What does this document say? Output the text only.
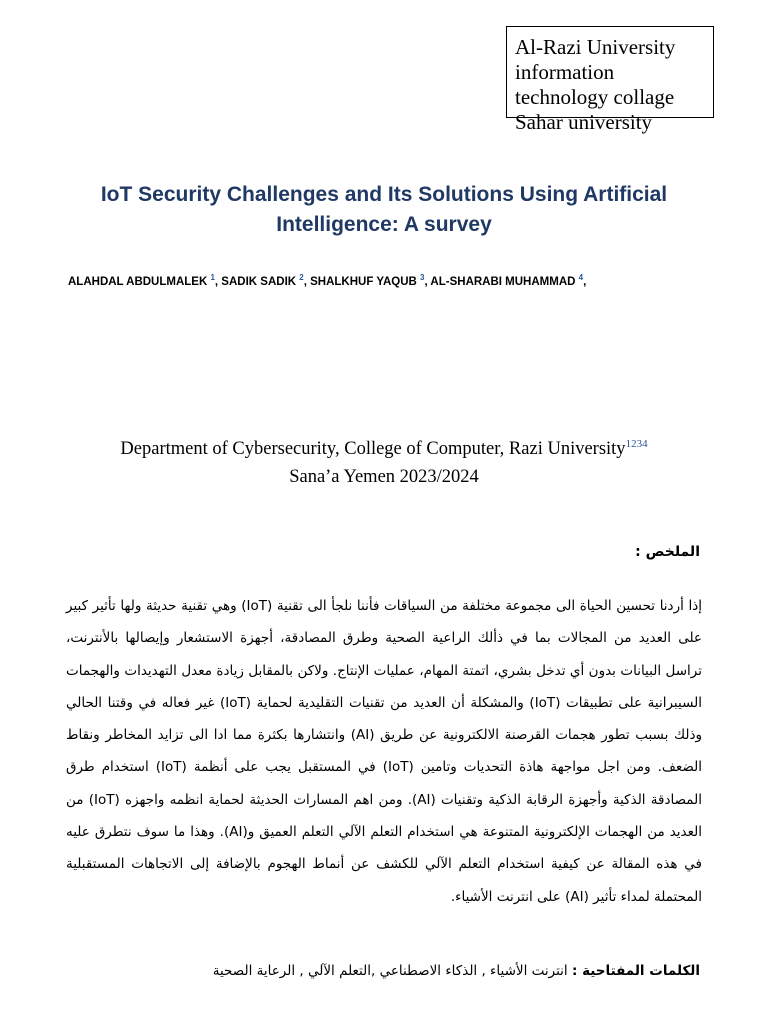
Al-Razi University
information
technology collage
Sahar university
IoT Security Challenges and Its Solutions Using Artificial Intelligence: A survey
ALAHDAL ABDULMALEK $^1$, SADIK SADIK $^2$, SHALKHUF YAQUB $^3$, AL-SHARABI MUHAMMAD $^4$,
Department of Cybersecurity, College of Computer, Razi University$^{1234}$
Sana’a Yemen 2023/2024
الملخص :
إذا أردنا تحسين الحياة الى مجموعة مختلفة من السياقات فأننا نلجأ الى تقنية (IoT) وهي تقنية حديثة ولها تأثير كبير على العديد من المجالات بما في ذألك الراعية الصحية وطرق المصادقة، أجهزة الاستشعار وإيصالها بالأنترنت، تراسل البيانات بدون أي تدخل بشري، اتمتة المهام، عمليات الإنتاج. ولاكن بالمقابل زيادة معدل التهديدات والهجمات السيبرانية على تطبيقات (IoT) والمشكلة أن العديد من تقنيات التقليدية لحماية (IoT) غير فعاله في وقتنا الحالي وذلك بسبب تطور هجمات القرصنة الالكترونية عن طريق (AI) وانتشارها بكثرة مما ادا الى تزايد المخاطر ونقاط الضعف. ومن اجل مواجهة هاذة التحديات وتامين (IoT) في المستقبل يجب على أنظمة (IoT) استخدام طرق المصادقة الذكية وأجهزة الرقابة الذكية وتقنيات (AI). ومن اهم المسارات الحديثة لحماية انظمه واجهزه (IoT) من العديد من الهجمات الإلكترونية المتنوعة هي استخدام التعلم الآلي التعلم العميق و(AI). وهذا ما سوف نتطرق عليه في هذه المقالة عن كيفية استخدام التعلم الآلي للكشف عن أنماط الهجوم بالإضافة إلى الاتجاهات المستقبلية المحتملة لمداء تأثير (AI) على انترنت الأشياء.
الكلمات المفتاحية : انترنت الأشياء , الذكاء الاصطناعي ,التعلم الآلي , الرعاية الصحية
